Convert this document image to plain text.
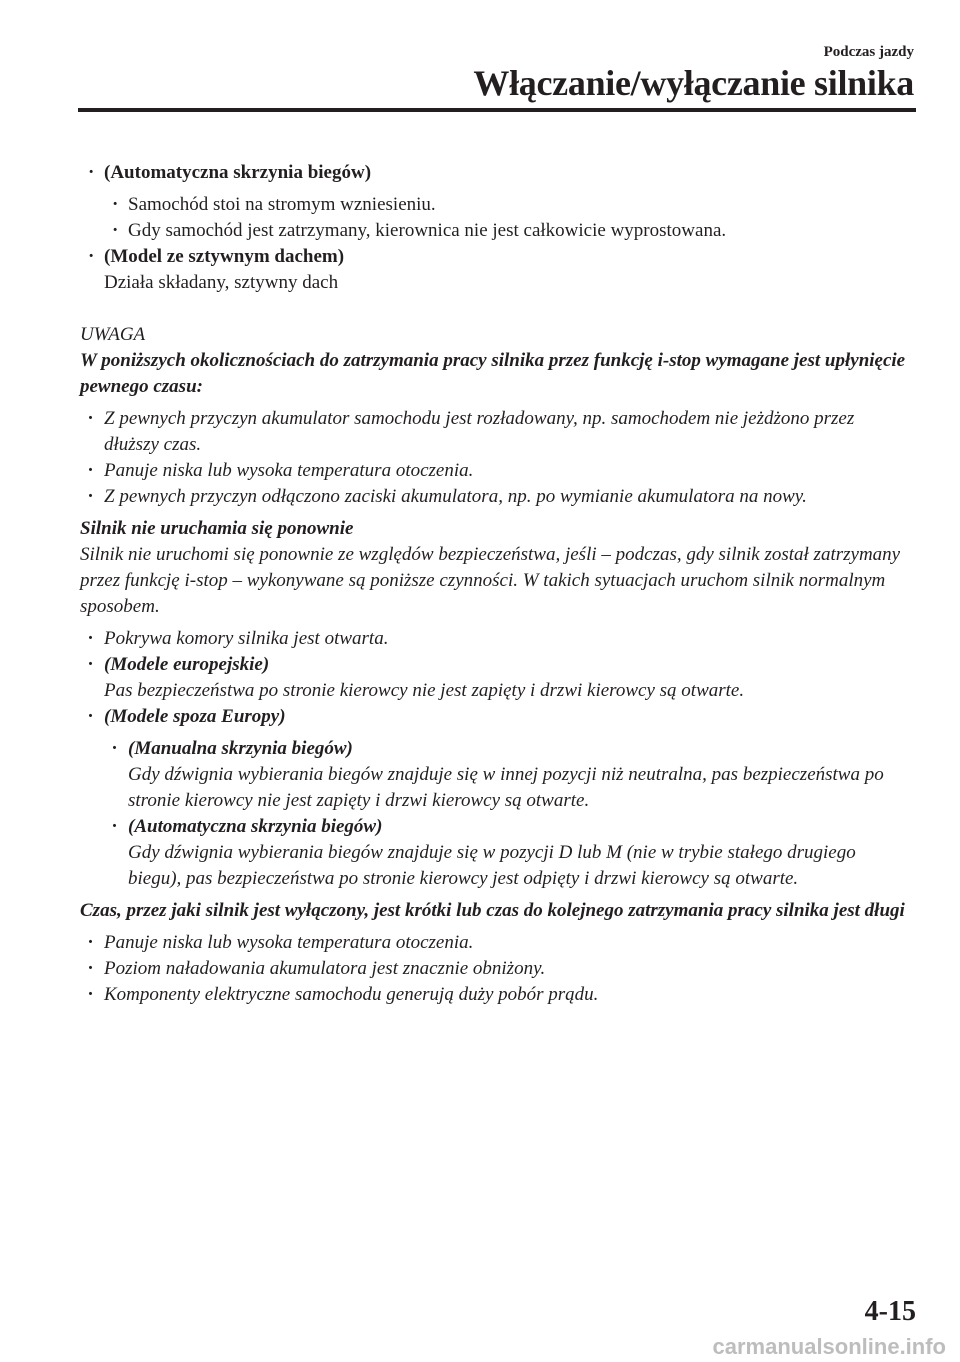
Podczas jazdy
Włączanie/wyłączanie silnika
· (Automatyczna skrzynia biegów)
· Samochód stoi na stromym wzniesieniu.
· Gdy samochód jest zatrzymany, kierownica nie jest całkowicie wyprostowana.
· (Model ze sztywnym dachem)

Działa składany, sztywny dach

UWAGA

W poniższych okolicznościach do zatrzymania pracy silnika przez funkcję i-stop wymagane jest upłynięcie pewnego czasu:

· Z pewnych przyczyn akumulator samochodu jest rozładowany, np. samochodem nie jeżdżono przez dłuższy czas.
· Panuje niska lub wysoka temperatura otoczenia.
· Z pewnych przyczyn odłączono zaciski akumulatora, np. po wymianie akumulatora na nowy.

Silnik nie uruchamia się ponownie

Silnik nie uruchomi się ponownie ze względów bezpieczeństwa, jeśli – podczas, gdy silnik został zatrzymany przez funkcję i-stop – wykonywane są poniższe czynności. W takich sytuacjach uruchom silnik normalnym sposobem.

· Pokrywa komory silnika jest otwarta.
· (Modele europejskie)

Pas bezpieczeństwa po stronie kierowcy nie jest zapięty i drzwi kierowcy są otwarte.

· (Modele spoza Europy)
· (Manualna skrzynia biegów)

Gdy dźwignia wybierania biegów znajduje się w innej pozycji niż neutralna, pas bezpieczeństwa po stronie kierowcy nie jest zapięty i drzwi kierowcy są otwarte.

· (Automatyczna skrzynia biegów)

Gdy dźwignia wybierania biegów znajduje się w pozycji D lub M (nie w trybie stałego drugiego biegu), pas bezpieczeństwa po stronie kierowcy jest odpięty i drzwi kierowcy są otwarte.

Czas, przez jaki silnik jest wyłączony, jest krótki lub czas do kolejnego zatrzymania pracy silnika jest długi

· Panuje niska lub wysoka temperatura otoczenia.
· Poziom naładowania akumulatora jest znacznie obniżony.
· Komponenty elektryczne samochodu generują duży pobór prądu.
4-15
carmanualsonline.info
